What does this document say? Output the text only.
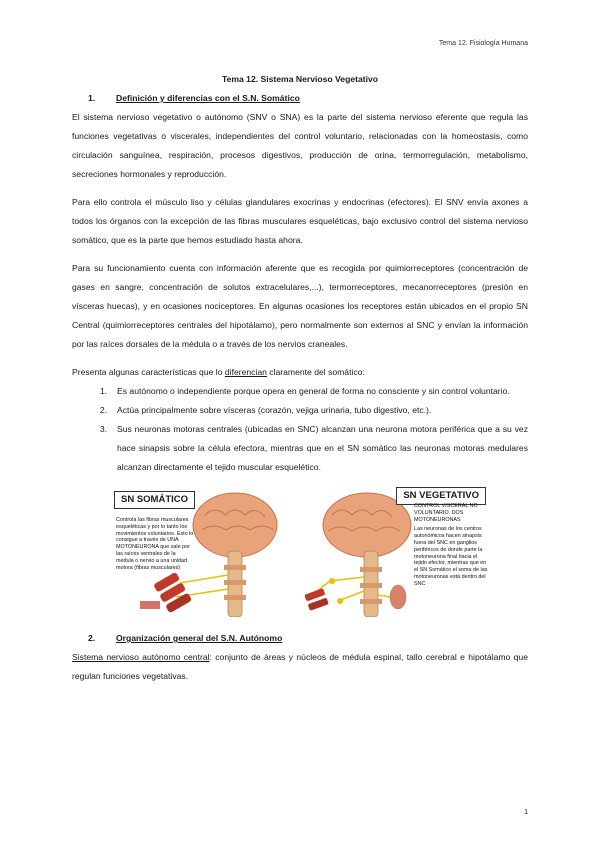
Tema 12. Fisiología Humana
Tema 12. Sistema Nervioso Vegetativo
1.	Definición y diferencias con el S.N. Somático

El sistema nervioso vegetativo o autónomo (SNV o SNA) es la parte del sistema nervioso eferente que regula las funciones vegetativas o viscerales, independientes del control voluntario, relacionadas con la homeostasis, como circulación sanguínea, respiración, procesos digestivos, producción de orina, termorregulación, metabolismo, secreciones hormonales y reproducción.

Para ello controla el músculo liso y células glandulares exocrinas y endocrinas (efectores). El SNV envía axones a todos los órganos con la excepción de las fibras musculares esqueléticas, bajo exclusivo control del sistema nervioso somático, que es la parte que hemos estudiado hasta ahora.

Para su funcionamiento cuenta con información aferente que es recogida por quimiorreceptores (concentración de gases en sangre, concentración de solutos extracelulares,...), termorreceptores, mecanorreceptores (presión en vísceras huecas), y en ocasiones nociceptores. En algunas ocasiones los receptores están ubicados en el propio SN Central (quimiorreceptores centrales del hipotálamo), pero normalmente son externos al SNC y envían la información por las raíces dorsales de la médula o a través de los nervios craneales.

Presenta algunas características que lo diferencian claramente del somático:

1.	Es autónomo o independiente porque opera en general de forma no consciente y sin control voluntario.
2.	Actúa principalmente sobre vísceras (corazón, vejiga urinaria, tubo digestivo, etc.).
3.	Sus neuronas motoras centrales (ubicadas en SNC) alcanzan una neurona motora periférica que a su vez hace sinapsis sobre la célula efectora, mientras que en el SN somático las neuronas motoras medulares alcanzan directamente el tejido muscular esquelético.
SN SOMÁTICO
Controla las fibras musculares esqueléticas y por lo tanto los movimientos voluntarios. Esto lo consigue a través de UNA MOTONEURONA que sale por las raíces ventrales de la médula o nervio a una unidad motora (fibras musculares)
SN VEGETATIVO
CONTROL VISCERAL NO VOLUNTARIO. DOS MOTONEURONAS
Las neuronas de los centros autonómicos hacen sinapsis fuera del SNC en ganglios periféricos de donde parte la motoneurona final hacia el tejido efector, mientras que en el SN Somático el soma de las motoneuronas está dentro del SNC
2.	Organización general del S.N. Autónomo

Sistema nervioso autónomo central: conjunto de áreas y núcleos de médula espinal, tallo cerebral e hipotálamo que regulan funciones vegetativas.

1
